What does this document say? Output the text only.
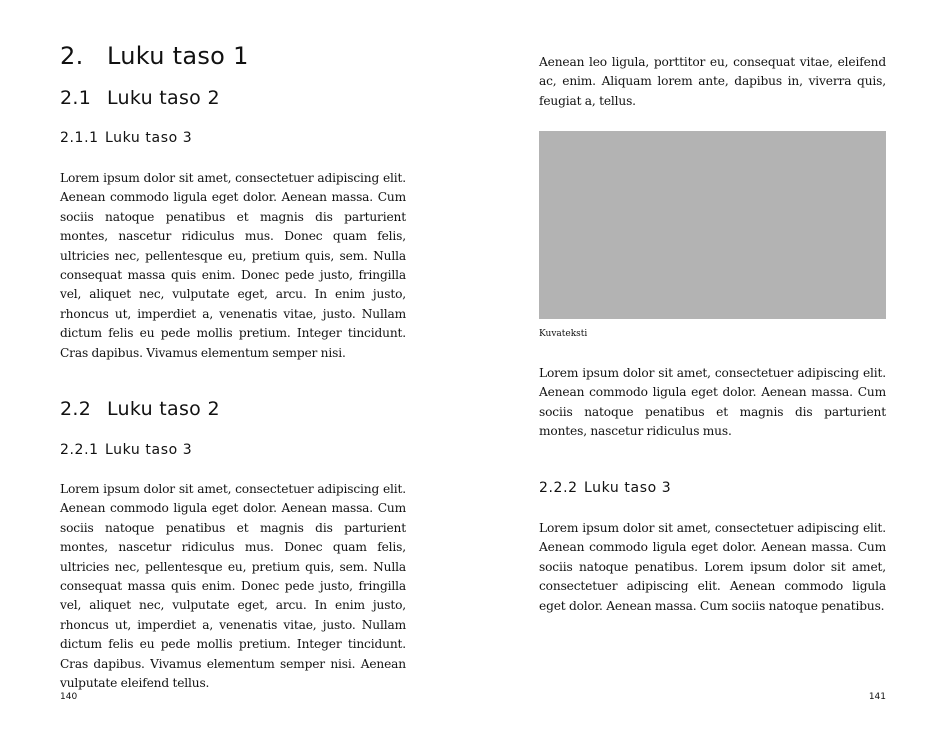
2. Luku taso 1
2.1 Luku taso 2
2.1.1 Luku taso 3

Lorem ipsum dolor sit amet, consectetuer adipiscing elit. Aenean commodo ligula eget dolor. Aenean massa. Cum sociis natoque penatibus et magnis dis parturient montes, nascetur ridiculus mus. Donec quam felis, ultricies nec, pellentesque eu, pretium quis, sem. Nulla consequat massa quis enim. Donec pede justo, fringilla vel, aliquet nec, vulputate eget, arcu. In enim justo, rhoncus ut, imperdiet a, venenatis vitae, justo. Nullam dictum felis eu pede mollis pretium. Integer tincidunt. Cras dapibus. Vivamus elementum semper nisi.

2.2 Luku taso 2
2.2.1 Luku taso 3

Lorem ipsum dolor sit amet, consectetuer adipiscing elit. Aenean commodo ligula eget dolor. Aenean massa. Cum sociis natoque penatibus et magnis dis parturient montes, nascetur ridiculus mus. Donec quam felis, ultricies nec, pellentesque eu, pretium quis, sem. Nulla consequat massa quis enim. Donec pede justo, fringilla vel, aliquet nec, vulputate eget, arcu. In enim justo, rhoncus ut, imperdiet a, venenatis vitae, justo. Nullam dictum felis eu pede mollis pretium. Integer tincidunt. Cras dapibus. Vivamus elementum semper nisi. Aenean vulputate eleifend tellus.

140

Aenean leo ligula, porttitor eu, consequat vitae, eleifend ac, enim. Aliquam lorem ante, dapibus in, viverra quis, feugiat a, tellus.

Kuvateksti

Lorem ipsum dolor sit amet, consectetuer adipiscing elit. Aenean commodo ligula eget dolor. Aenean massa. Cum sociis natoque penatibus et magnis dis parturient montes, nascetur ridiculus mus.

2.2.2 Luku taso 3

Lorem ipsum dolor sit amet, consectetuer adipiscing elit. Aenean commodo ligula eget dolor. Aenean massa. Cum sociis natoque penatibus. Lorem ipsum dolor sit amet, consectetuer adipiscing elit. Aenean commodo ligula eget dolor. Aenean massa. Cum sociis natoque penatibus.

141
